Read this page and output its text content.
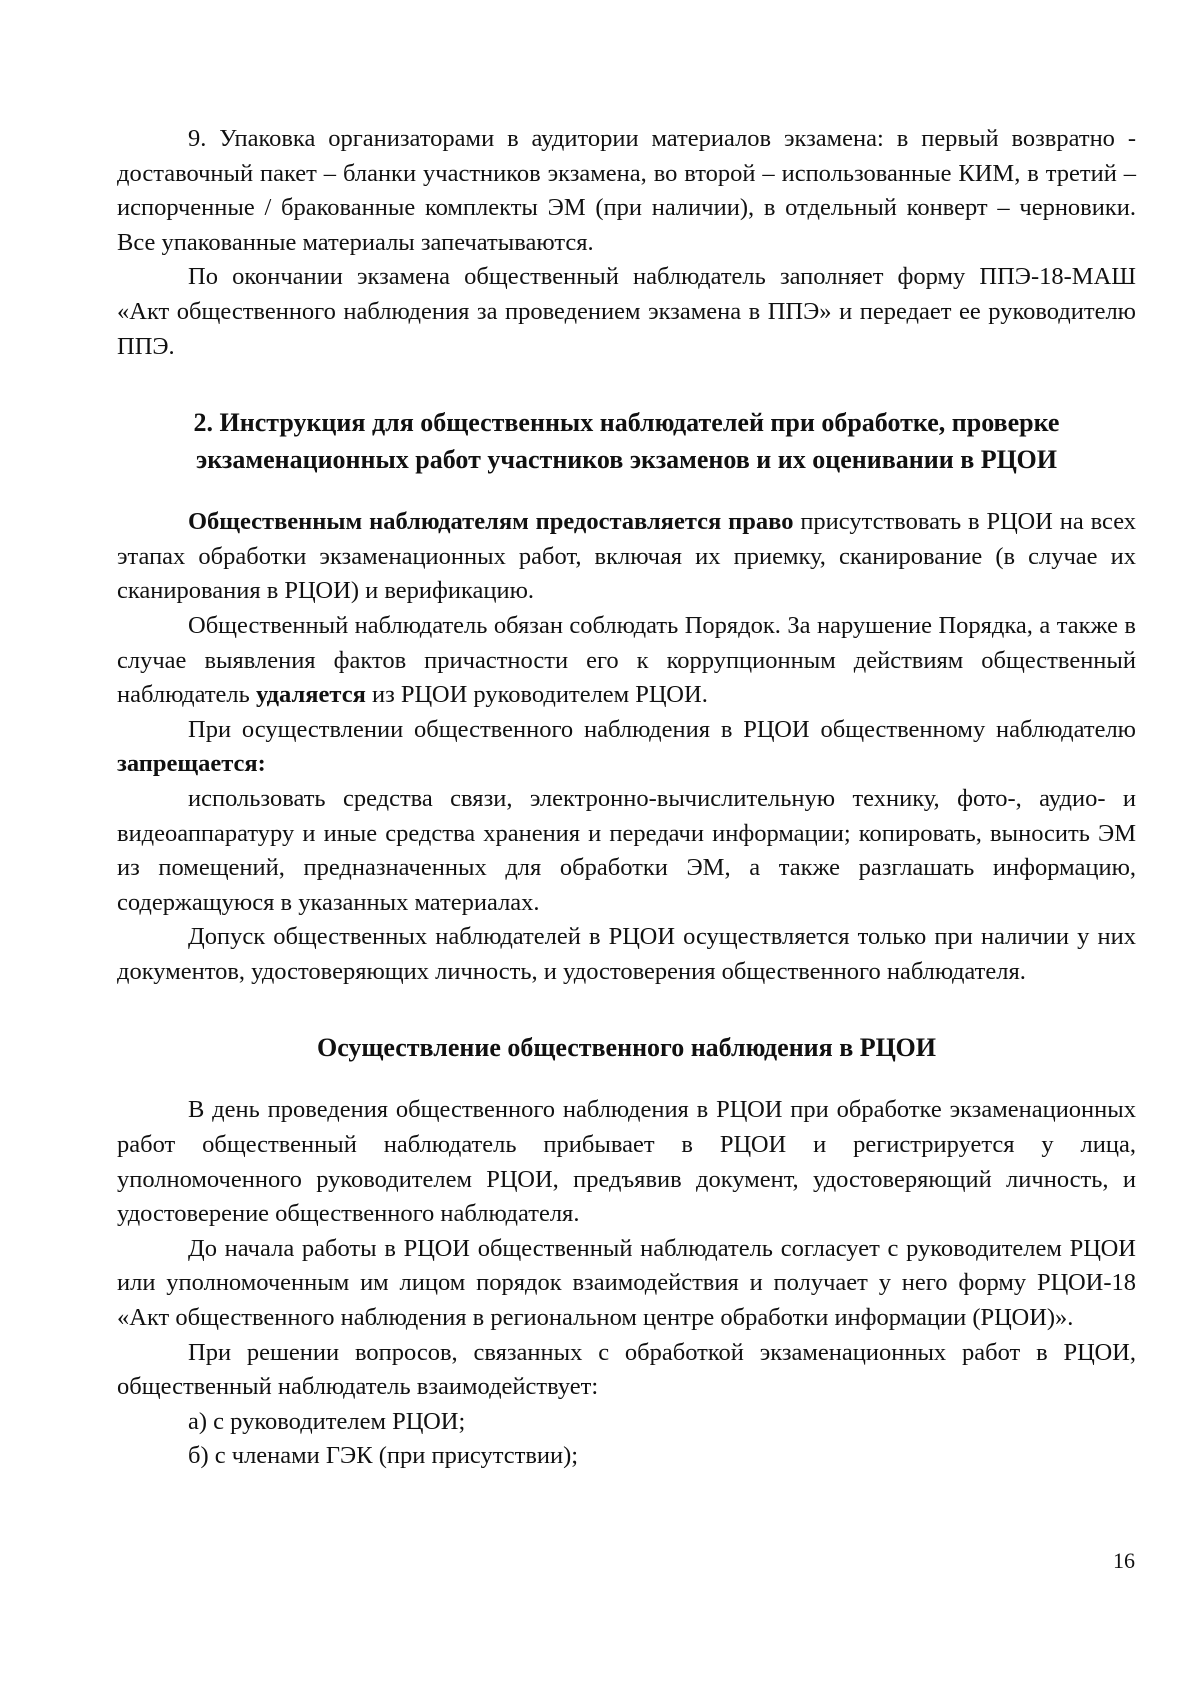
9. Упаковка организаторами в аудитории материалов экзамена: в первый возвратно - доставочный пакет – бланки участников экзамена, во второй – использованные КИМ, в третий – испорченные / бракованные комплекты ЭМ (при наличии), в отдельный конверт – черновики. Все упакованные материалы запечатываются.

По окончании экзамена общественный наблюдатель заполняет форму ППЭ-18-МАШ «Акт общественного наблюдения за проведением экзамена в ППЭ» и передает ее руководителю ППЭ.

2. Инструкция для общественных наблюдателей при обработке, проверке
экзаменационных работ участников экзаменов и их оценивании в РЦОИ

Общественным наблюдателям предоставляется право присутствовать в РЦОИ на всех этапах обработки экзаменационных работ, включая их приемку, сканирование (в случае их сканирования в РЦОИ) и верификацию.

Общественный наблюдатель обязан соблюдать Порядок. За нарушение Порядка, а также в случае выявления фактов причастности его к коррупционным действиям общественный наблюдатель удаляется из РЦОИ руководителем РЦОИ.

При осуществлении общественного наблюдения в РЦОИ общественному наблюдателю запрещается:

использовать средства связи, электронно-вычислительную технику, фото-, аудио- и видеоаппаратуру и иные средства хранения и передачи информации; копировать, выносить ЭМ из помещений, предназначенных для обработки ЭМ, а также разглашать информацию, содержащуюся в указанных материалах.

Допуск общественных наблюдателей в РЦОИ осуществляется только при наличии у них документов, удостоверяющих личность, и удостоверения общественного наблюдателя.

Осуществление общественного наблюдения в РЦОИ

В день проведения общественного наблюдения в РЦОИ при обработке экзаменационных работ общественный наблюдатель прибывает в РЦОИ и регистрируется у лица, уполномоченного руководителем РЦОИ, предъявив документ, удостоверяющий личность, и удостоверение общественного наблюдателя.

До начала работы в РЦОИ общественный наблюдатель согласует с руководителем РЦОИ или уполномоченным им лицом порядок взаимодействия и получает у него форму РЦОИ-18 «Акт общественного наблюдения в региональном центре обработки информации (РЦОИ)».

При решении вопросов, связанных с обработкой экзаменационных работ в РЦОИ, общественный наблюдатель взаимодействует:

а) с руководителем РЦОИ;

б) с членами ГЭК (при присутствии);

16
